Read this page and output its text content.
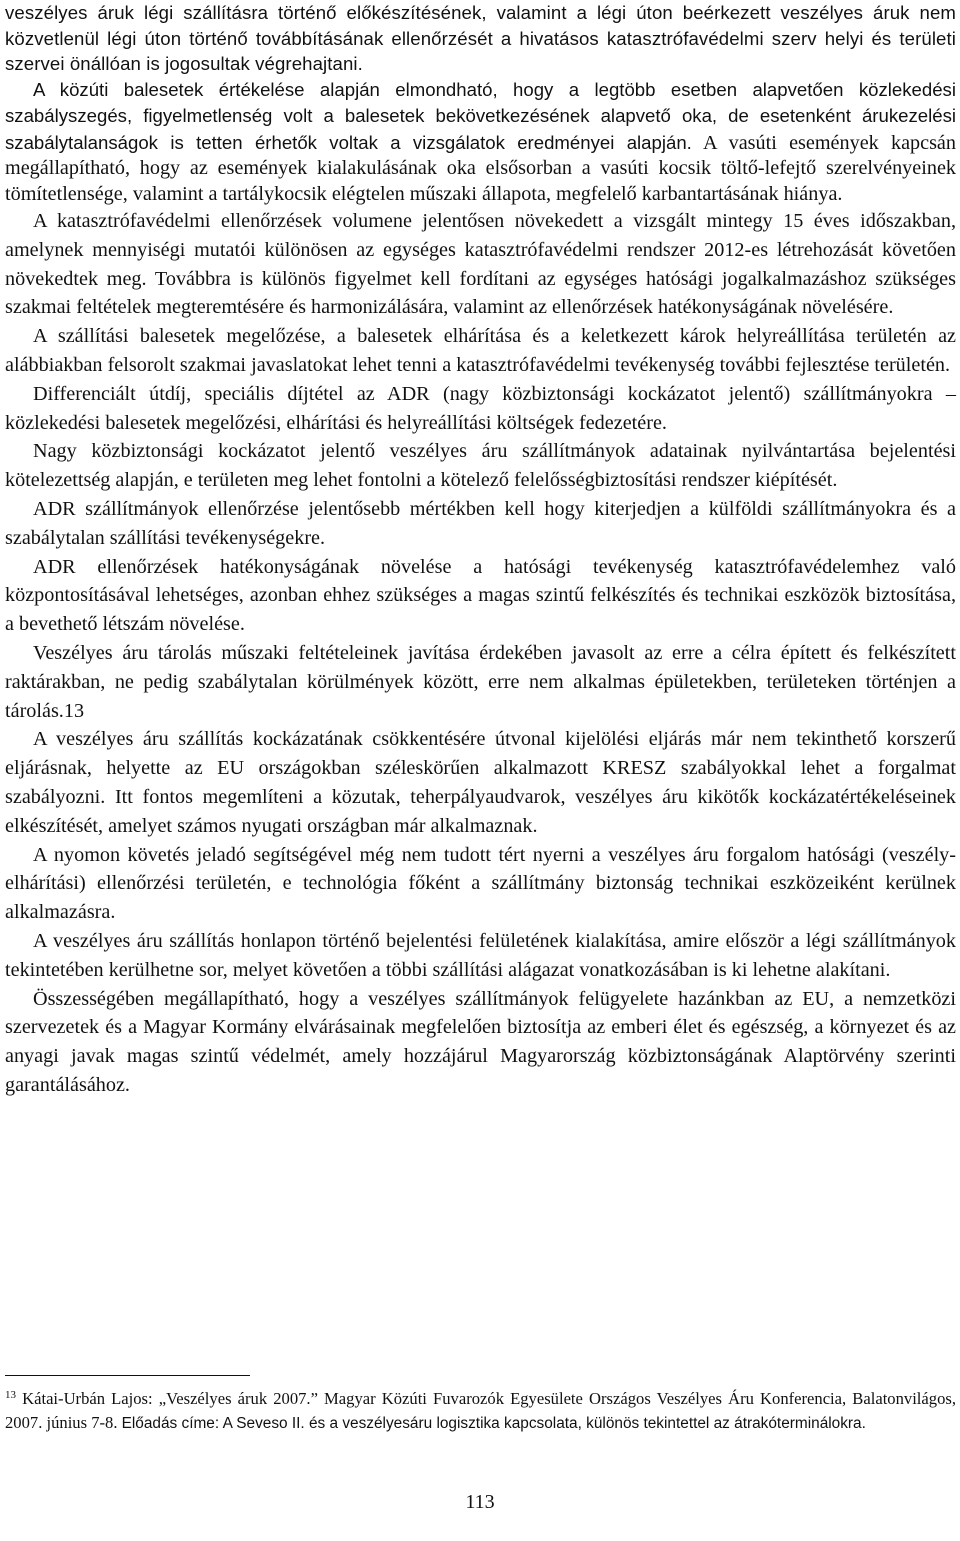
veszélyes áruk légi szállításra történő előkészítésének, valamint a légi úton beérkezett veszélyes áruk nem közvetlenül légi úton történő továbbításának ellenőrzését a hivatásos katasztrófavédelmi szerv helyi és területi szervei önállóan is jogosultak végrehajtani.

A közúti balesetek értékelése alapján elmondható, hogy a legtöbb esetben alapvetően közlekedési szabályszegés, figyelmetlenség volt a balesetek bekövetkezésének alapvető oka, de esetenként árukezelési szabálytalanságok is tetten érhetők voltak a vizsgálatok eredményei alapján. A vasúti események kapcsán megállapítható, hogy az események kialakulásának oka elsősorban a vasúti kocsik töltő-lefejtő szerelvényeinek tömítetlensége, valamint a tartálykocsik elégtelen műszaki állapota, megfelelő karbantartásának hiánya.

A katasztrófavédelmi ellenőrzések volumene jelentősen növekedett a vizsgált mintegy 15 éves időszakban, amelynek mennyiségi mutatói különösen az egységes katasztrófavédelmi rendszer 2012-es létrehozását követően növekedtek meg. Továbbra is különös figyelmet kell fordítani az egységes hatósági jogalkalmazáshoz szükséges szakmai feltételek megteremtésére és harmonizálására, valamint az ellenőrzések hatékonyságának növelésére.

A szállítási balesetek megelőzése, a balesetek elhárítása és a keletkezett károk helyreállítása területén az alábbiakban felsorolt szakmai javaslatokat lehet tenni a katasztrófavédelmi tevékenység további fejlesztése területén.

Differenciált útdíj, speciális díjtétel az ADR (nagy közbiztonsági kockázatot jelentő) szállítmányokra – közlekedési balesetek megelőzési, elhárítási és helyreállítási költségek fedezetére.

Nagy közbiztonsági kockázatot jelentő veszélyes áru szállítmányok adatainak nyilvántartása bejelentési kötelezettség alapján, e területen meg lehet fontolni a kötelező felelősségbiztosítási rendszer kiépítését.

ADR szállítmányok ellenőrzése jelentősebb mértékben kell hogy kiterjedjen a külföldi szállítmányokra és a szabálytalan szállítási tevékenységekre.

ADR ellenőrzések hatékonyságának növelése a hatósági tevékenység katasztrófavédelemhez való központosításával lehetséges, azonban ehhez szükséges a magas szintű felkészítés és technikai eszközök biztosítása, a bevethető létszám növelése.

Veszélyes áru tárolás műszaki feltételeinek javítása érdekében javasolt az erre a célra épített és felkészített raktárakban, ne pedig szabálytalan körülmények között, erre nem alkalmas épületekben, területeken történjen a tárolás.13

A veszélyes áru szállítás kockázatának csökkentésére útvonal kijelölési eljárás már nem tekinthető korszerű eljárásnak, helyette az EU országokban széleskörűen alkalmazott KRESZ szabályokkal lehet a forgalmat szabályozni. Itt fontos megemlíteni a közutak, teherpályaudvarok, veszélyes áru kikötők kockázatértékeléseinek elkészítését, amelyet számos nyugati országban már alkalmaznak.

A nyomon követés jeladó segítségével még nem tudott tért nyerni a veszélyes áru forgalom hatósági (veszély-elhárítási) ellenőrzési területén, e technológia főként a szállítmány biztonság technikai eszközeiként kerülnek alkalmazásra.

A veszélyes áru szállítás honlapon történő bejelentési felületének kialakítása, amire először a légi szállítmányok tekintetében kerülhetne sor, melyet követően a többi szállítási alágazat vonatkozásában is ki lehetne alakítani.

Összességében megállapítható, hogy a veszélyes szállítmányok felügyelete hazánkban az EU, a nemzetközi szervezetek és a Magyar Kormány elvárásainak megfelelően biztosítja az emberi élet és egészség, a környezet és az anyagi javak magas szintű védelmét, amely hozzájárul Magyarország közbiztonságának Alaptörvény szerinti garantálásához.

$^{13}$ Kátai-Urbán Lajos: „Veszélyes áruk 2007.” Magyar Közúti Fuvarozók Egyesülete Országos Veszélyes Áru Konferencia, Balatonvilágos, 2007. június 7-8. Előadás címe: A Seveso II. és a veszélyesáru logisztika kapcsolata, különös tekintettel az átrakóterminálokra.
113
